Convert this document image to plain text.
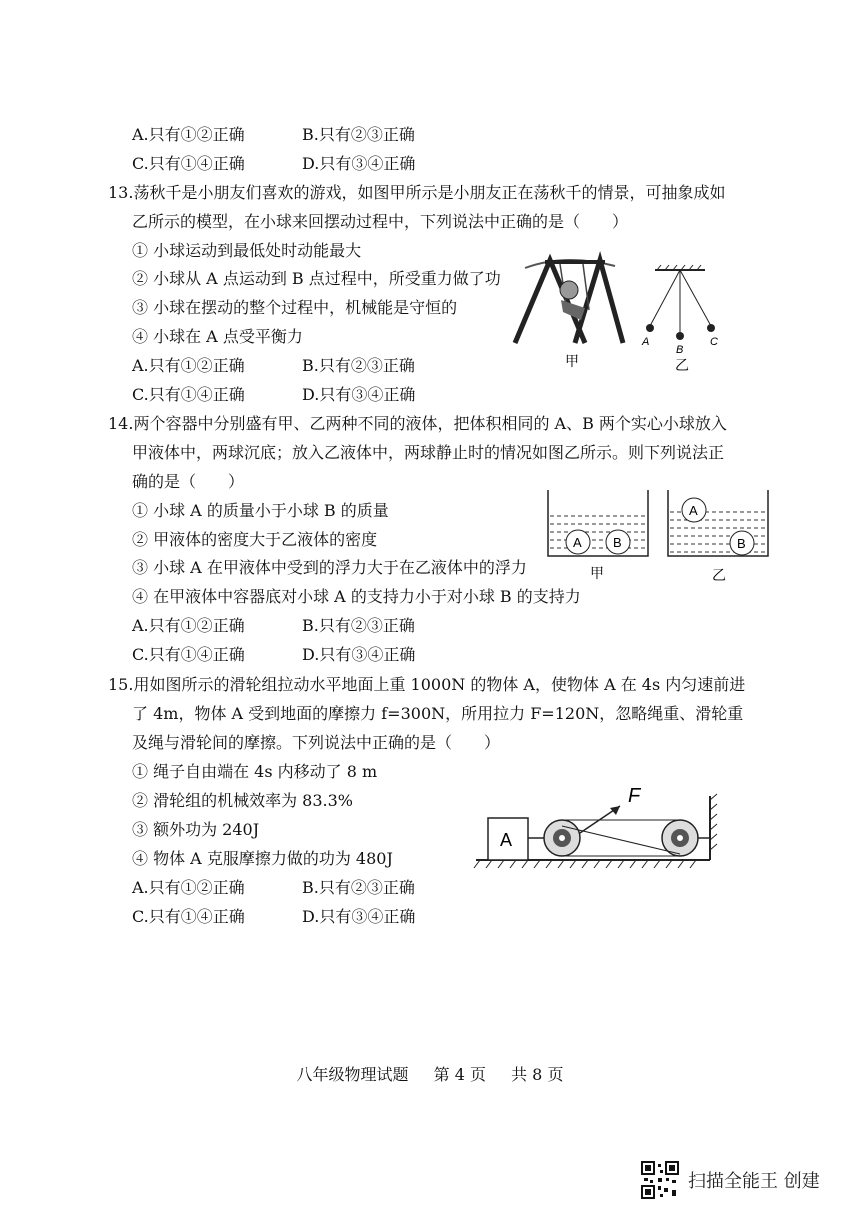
A.只有①②正确	B.只有②③正确
C.只有①④正确	D.只有③④正确
13.荡秋千是小朋友们喜欢的游戏，如图甲所示是小朋友正在荡秋千的情景，可抽象成如
乙所示的模型，在小球来回摆动过程中，下列说法中正确的是（　　）
① 小球运动到最低处时动能最大
② 小球从 A 点运动到 B 点过程中，所受重力做了功
③ 小球在摆动的整个过程中，机械能是守恒的
④ 小球在 A 点受平衡力
A.只有①②正确	B.只有②③正确
C.只有①④正确	D.只有③④正确
甲
A
B
C
乙
14.两个容器中分别盛有甲、乙两种不同的液体，把体积相同的 A、B 两个实心小球放入
甲液体中，两球沉底；放入乙液体中，两球静止时的情况如图乙所示。则下列说法正
确的是（　　）
① 小球 A 的质量小于小球 B 的质量
② 甲液体的密度大于乙液体的密度
③ 小球 A 在甲液体中受到的浮力大于在乙液体中的浮力
④ 在甲液体中容器底对小球 A 的支持力小于对小球 B 的支持力
A.只有①②正确	B.只有②③正确
C.只有①④正确	D.只有③④正确
A B
甲
A
B
乙
15.用如图所示的滑轮组拉动水平地面上重 1000N 的物体 A，使物体 A 在 4s 内匀速前进
了 4m，物体 A 受到地面的摩擦力 f=300N，所用拉力 F=120N，忽略绳重、滑轮重
及绳与滑轮间的摩擦。下列说法中正确的是（　　）
① 绳子自由端在 4s 内移动了 8 m
② 滑轮组的机械效率为 83.3%
③ 额外功为 240J
④ 物体 A 克服摩擦力做的功为 480J
A.只有①②正确	B.只有②③正确
C.只有①④正确	D.只有③④正确
A
F
八年级物理试题 第 4 页 共 8 页
扫描全能王 创建
